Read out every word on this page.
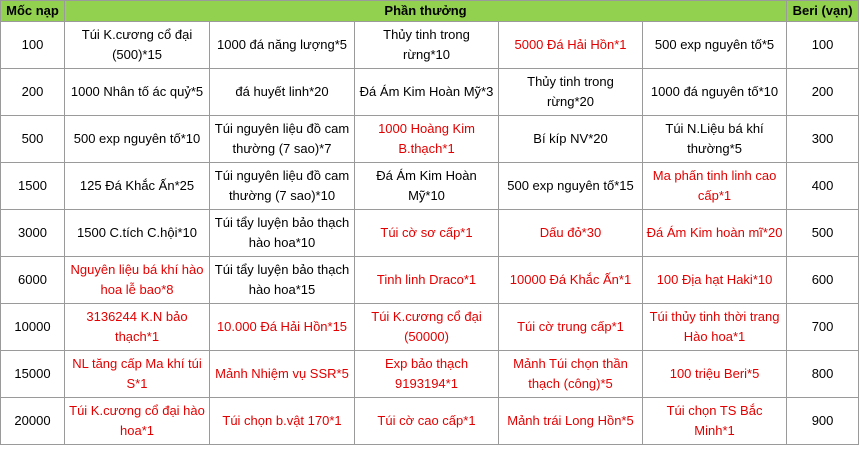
Mốc nạp	Phần thưởng					Beri (vạn)
100	Túi K.cương cổ đại (500)*15	1000 đá năng lượng*5	Thủy tinh trong rừng*10	5000 Đá Hải Hồn*1	500 exp nguyên tố*5	100
200	1000 Nhân tố ác quỷ*5	đá huyết linh*20	Đá Ám Kim Hoàn Mỹ*3	Thủy tinh trong rừng*20	1000 đá nguyên tố*10	200
500	500 exp nguyên tố*10	Túi nguyên liệu đồ cam thường (7 sao)*7	1000 Hoàng Kim B.thạch*1	Bí kíp NV*20	Túi N.Liệu bá khí thường*5	300
1500	125 Đá Khắc Ấn*25	Túi nguyên liệu đồ cam thường (7 sao)*10	Đá Ám Kim Hoàn Mỹ*10	500 exp nguyên tố*15	Ma phấn tinh linh cao cấp*1	400
3000	1500 C.tích C.hội*10	Túi tẩy luyện bảo thạch hào hoa*10	Túi cờ sơ cấp*1	Dấu đỏ*30	Đá Ám Kim hoàn mĩ*20	500
6000	Nguyên liệu bá khí hào hoa lễ bao*8	Túi tẩy luyện bảo thạch hào hoa*15	Tinh linh Draco*1	10000 Đá Khắc Ấn*1	100 Địa hạt Haki*10	600
10000	3136244 K.N bảo thạch*1	10.000 Đá Hải Hồn*15	Túi K.cương cổ đại (50000)	Túi cờ trung cấp*1	Túi thủy tinh thời trang Hào hoa*1	700
15000	NL tăng cấp Ma khí túi S*1	Mảnh Nhiệm vụ SSR*5	Exp bảo thạch 9193194*1	Mảnh Túi chọn thần thạch (công)*5	100 triệu Beri*5	800
20000	Túi K.cương cổ đại hào hoa*1	Túi chọn b.vật 170*1	Túi cờ cao cấp*1	Mảnh trái Long Hồn*5	Túi chọn TS Bắc Minh*1	900
